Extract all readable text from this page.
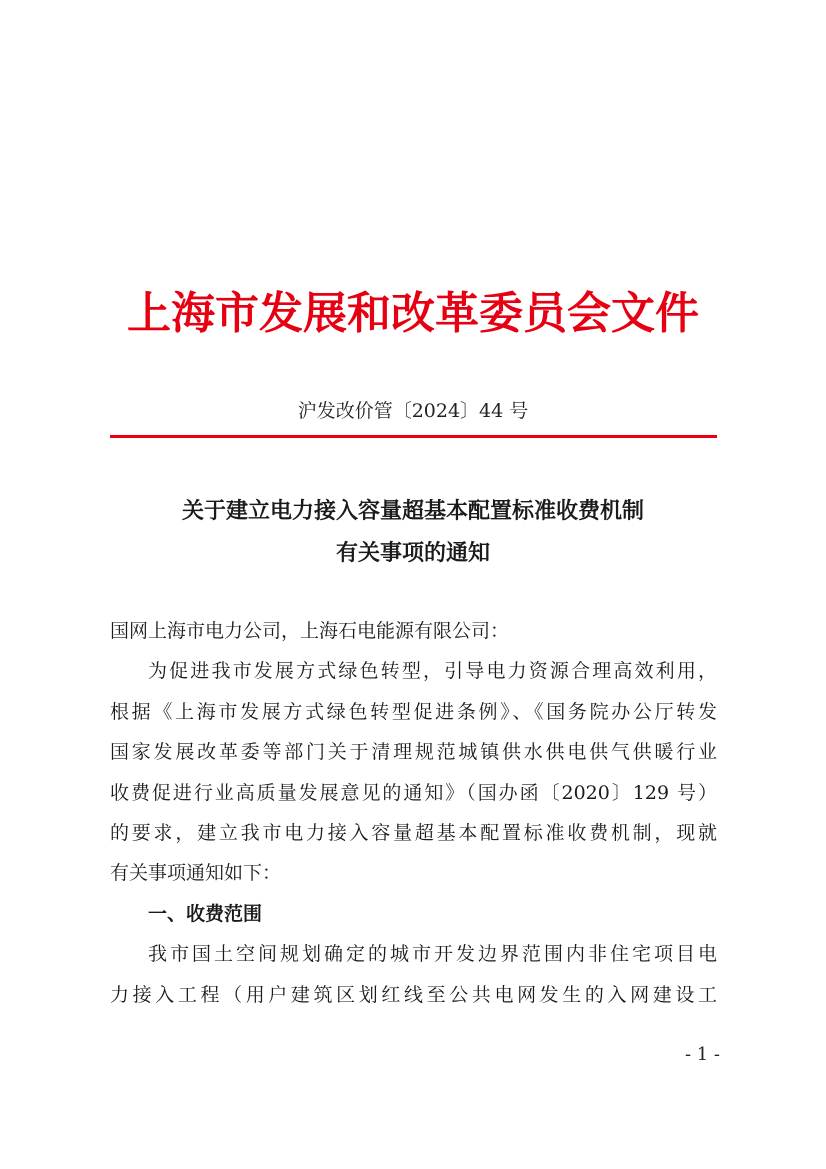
上海市发展和改革委员会文件
沪发改价管〔2024〕44 号
关于建立电力接入容量超基本配置标准收费机制
有关事项的通知
国网上海市电力公司，上海石电能源有限公司：
为促进我市发展方式绿色转型，引导电力资源合理高效利用，
根据《上海市发展方式绿色转型促进条例》、《国务院办公厅转发
国家发展改革委等部门关于清理规范城镇供水供电供气供暖行业
收费促进行业高质量发展意见的通知》（国办函〔2020〕129 号）
的要求，建立我市电力接入容量超基本配置标准收费机制，现就
有关事项通知如下：
一、收费范围
我市国土空间规划确定的城市开发边界范围内非住宅项目电
力接入工程（用户建筑区划红线至公共电网发生的入网建设工
- 1 -
